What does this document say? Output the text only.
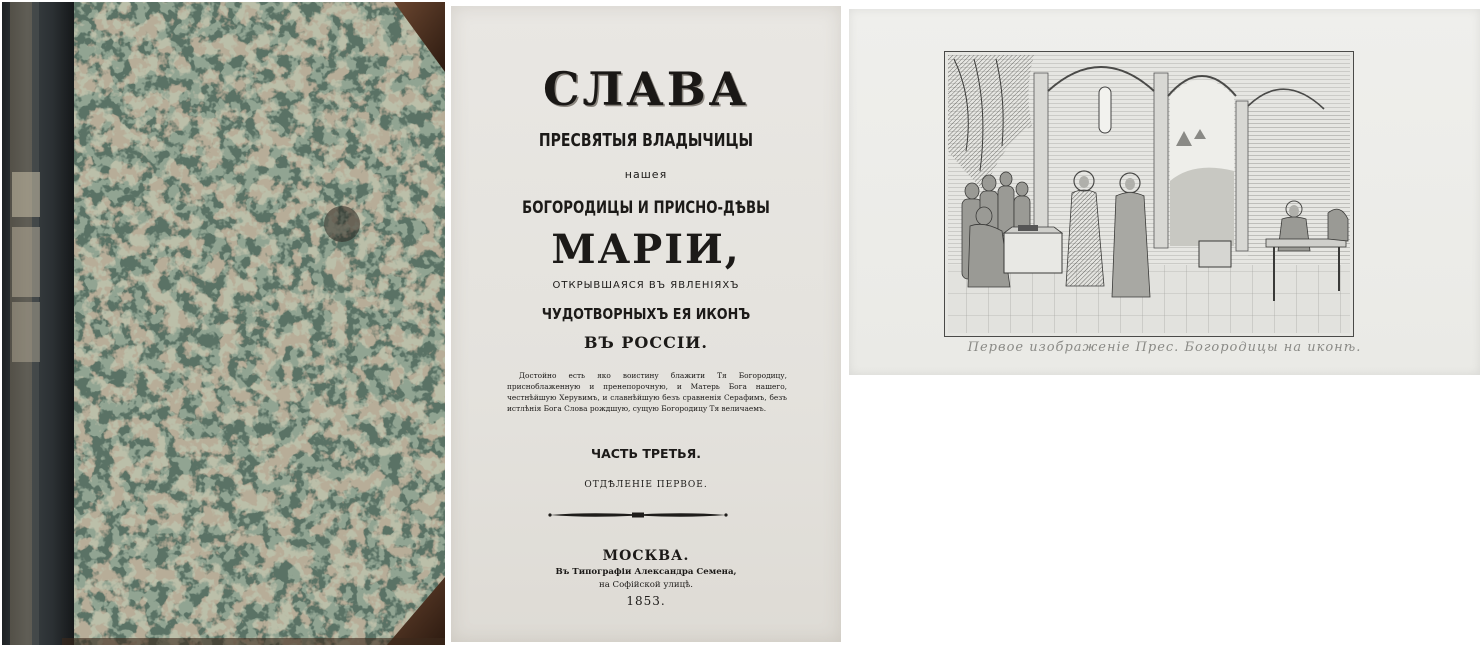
СЛАВА

ПРЕСВЯТЫЯ ВЛАДЫЧИЦЫ

нашея

БОГОРОДИЦЫ И ПРИСНО-ДѢВЫ

МАРІИ,

ОТКРЫВШАЯСЯ ВЪ ЯВЛЕНІЯХЪ

ЧУДОТВОРНЫХЪ ЕЯ ИКОНЪ

ВЪ РОССІИ.

Достойно есть яко воистину блажити Тя Богородицу, присноблаженную и пренепорочную, и Матерь Бога нашего, честнѣйшую Херувимъ, и славнѣйшую безъ сравненія Серафимъ, безъ истлѣнія Бога Слова рождшую, сущую Богородицу Тя величаемъ.

ЧАСТЬ ТРЕТЬЯ.

ОТДѢЛЕНІЕ ПЕРВОЕ.

МОСКВА.

Въ Типографіи Александра Семена,

на Софійской улицѣ.

1853.

Первое изображеніе Прес. Богородицы на иконѣ.
